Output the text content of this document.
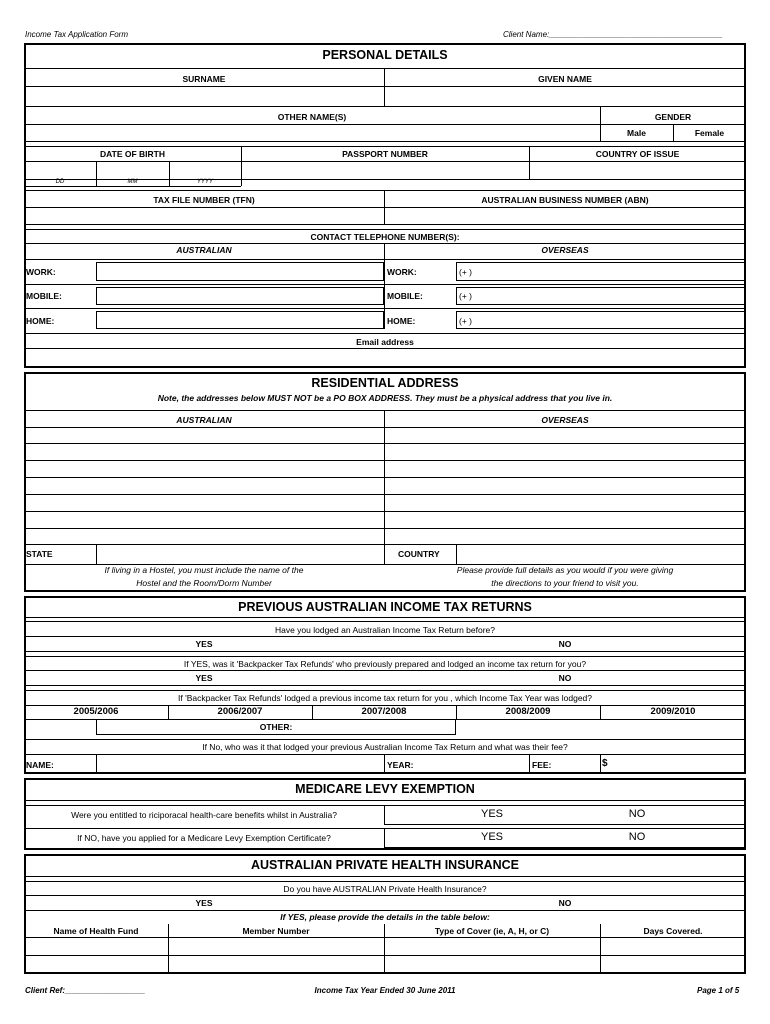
Income Tax Application Form	Client Name:_______________________________________
PERSONAL DETAILS
SURNAME	GIVEN NAME
OTHER NAME(S)	GENDER
Male	Female
DATE OF BIRTH	PASSPORT NUMBER	COUNTRY OF ISSUE
DD	MM	YYYY
TAX FILE NUMBER (TFN)	AUSTRALIAN BUSINESS NUMBER (ABN)
CONTACT TELEPHONE NUMBER(S):
AUSTRALIAN	OVERSEAS
WORK:	WORK:	(+ )
MOBILE:	MOBILE:	(+ )
HOME:	HOME:	(+ )
Email address
RESIDENTIAL ADDRESS
Note, the addresses below MUST NOT be a PO BOX ADDRESS. They must be a physical address that you live in.
AUSTRALIAN	OVERSEAS
STATE	COUNTRY
If living in a Hostel, you must include the name of the
Hostel and the Room/Dorm Number
Please provide full details as you would if you were giving
the directions to your friend to visit you.
PREVIOUS AUSTRALIAN INCOME TAX RETURNS
Have you lodged an Australian Income Tax Return before?
YES	NO
If YES, was it 'Backpacker Tax Refunds' who previously prepared and lodged an income tax return for you?
YES	NO
If 'Backpacker Tax Refunds' lodged a previous income tax return for you , which Income Tax Year was lodged?
2005/2006	2006/2007	2007/2008	2008/2009	2009/2010
OTHER:
If No, who was it that lodged your previous Australian Income Tax Return and what was their fee?
NAME:	YEAR:	FEE:	$
MEDICARE LEVY EXEMPTION
Were you entitled to riciporacal health-care benefits whilst in Australia?	YES	NO
If NO, have you applied for a Medicare Levy Exemption Certificate?	YES	NO
AUSTRALIAN PRIVATE HEALTH INSURANCE
Do you have AUSTRALIAN Private Health Insurance?
YES	NO
If YES, please provide the details in the table below:
Name of Health Fund	Member Number	Type of Cover (ie, A, H, or C)	Days Covered.
Client Ref:__________________	Income Tax Year Ended 30 June 2011	Page 1 of 5
